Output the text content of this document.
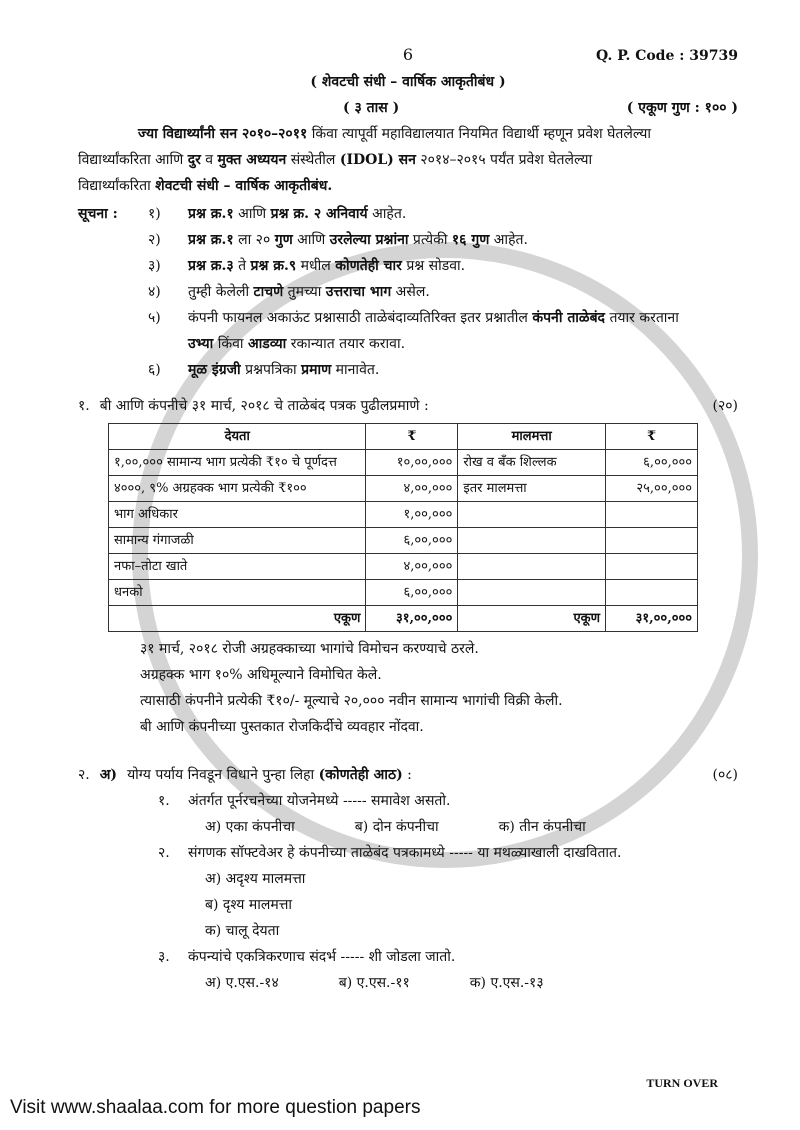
6	Q. P. Code : 39739
( शेवटची संधी – वार्षिक आकृतीबंध )
( ३ तास )	( एकूण गुण : १०० )
ज्या विद्यार्थ्यांनी सन २०१०–२०११ किंवा त्यापूर्वी महाविद्यालयात नियमित विद्यार्थी म्हणून प्रवेश घेतलेल्या
विद्यार्थ्यांकरिता आणि दुर व मुक्त अध्ययन संस्थेतील (IDOL) सन २०१४–२०१५ पर्यंत प्रवेश घेतलेल्या
विद्यार्थ्यांकरिता शेवटची संधी – वार्षिक आकृतीबंध.
सूचना :	१)	प्रश्न क्र.१ आणि प्रश्न क्र. २ अनिवार्य आहेत.
२)	प्रश्न क्र.१ ला २० गुण आणि उरलेल्या प्रश्नांना प्रत्येकी १६ गुण आहेत.
३)	प्रश्न क्र.३ ते प्रश्न क्र.९ मधील कोणतेही चार प्रश्न सोडवा.
४)	तुम्ही केलेली टाचणे तुमच्या उत्तराचा भाग असेल.
५)	कंपनी फायनल अकाऊंट प्रश्नासाठी ताळेबंदाव्यतिरिक्त इतर प्रश्नातील कंपनी ताळेबंद तयार करताना
उभ्या किंवा आडव्या रकान्यात तयार करावा.
६)	मूळ इंग्रजी प्रश्नपत्रिका प्रमाण मानावेत.
१. बी आणि कंपनीचे ३१ मार्च, २०१८ चे ताळेबंद पत्रक पुढीलप्रमाणे :	(२०)
देयता	₹	मालमत्ता	₹
१,००,००० सामान्य भाग प्रत्येकी ₹१० चे पूर्णदत्त	१०,००,०००	रोख व बँक शिल्लक	६,००,०००
४०००, ९% अग्रहक्क भाग प्रत्येकी ₹१००	४,००,०००	इतर मालमत्ता	२५,००,०००
भाग अधिकार	१,००,०००		
सामान्य गंगाजळी	६,००,०००		
नफा–तोटा खाते	४,००,०००		
धनको	६,००,०००		
एकूण	३१,००,०००	एकूण	३१,००,०००
३१ मार्च, २०१८ रोजी अग्रहक्काच्या भागांचे विमोचन करण्याचे ठरले.
अग्रहक्क भाग १०% अधिमूल्याने विमोचित केले.
त्यासाठी कंपनीने प्रत्येकी ₹१०/- मूल्याचे २०,००० नवीन सामान्य भागांची विक्री केली.
बी आणि कंपनीच्या पुस्तकात रोजकिर्दीचे व्यवहार नोंदवा.
२. अ) योग्य पर्याय निवडून विधाने पुन्हा लिहा (कोणतेही आठ) :	(०८)
१.	अंतर्गत पूर्नरचनेच्या योजनेमध्ये ----- समावेश असतो.
अ) एका कंपनीचा	ब) दोन कंपनीचा	क) तीन कंपनीचा
२.	संगणक सॉफ्टवेअर हे कंपनीच्या ताळेबंद पत्रकामध्ये ----- या मथळ्याखाली दाखवितात.
अ) अदृश्य मालमत्ता
ब) दृश्य मालमत्ता
क) चालू देयता
३.	कंपन्यांचे एकत्रिकरणाच संदर्भ ----- शी जोडला जातो.
अ) ए.एस.-१४	ब) ए.एस.-११	क) ए.एस.-१३
TURN OVER
Visit www.shaalaa.com for more question papers
